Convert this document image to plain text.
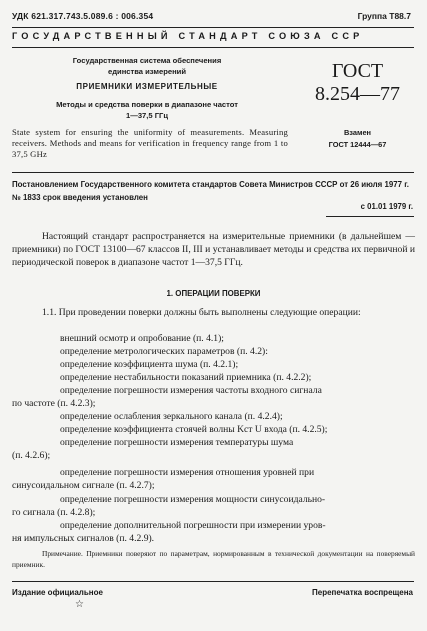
УДК 621.317.743.5.089.6 : 006.354	Группа Т88.7
ГОСУДАРСТВЕННЫЙ СТАНДАРТ СОЮЗА ССР
Государственная система обеспечения
единства измерений
ПРИЕМНИКИ ИЗМЕРИТЕЛЬНЫЕ
Методы и средства поверки в диапазоне частот
1—37,5 ГГц
ГОСТ
8.254—77
State system for ensuring the uniformity of measurements. Measuring receivers. Methods and means for verification in frequency range from 1 to 37,5 GHz
Взамен
ГОСТ 12444—67
Постановлением Государственного комитета стандартов Совета Министров СССР от 26 июля 1977 г. № 1833 срок введения установлен
с 01.01 1979 г.
Настоящий стандарт распространяется на измерительные приемники (в дальнейшем — приемники) по ГОСТ 13100—67 классов II, III и устанавливает методы и средства их первичной и периодической поверок в диапазоне частот 1—37,5 ГГц.
1. ОПЕРАЦИИ ПОВЕРКИ
1.1. При проведении поверки должны быть выполнены следующие операции:
внешний осмотр и опробование (п. 4.1);
определение метрологических параметров (п. 4.2):
определение коэффициента шума (п. 4.2.1);
определение нестабильности показаний приемника (п. 4.2.2);
определение погрешности измерения частоты входного сигнала
по частоте (п. 4.2.3);
определение ослабления зеркального канала (п. 4.2.4);
определение коэффициента стоячей волны Kст U входа (п. 4.2.5);
определение погрешности измерения температуры шума
(п. 4.2.6);
определение погрешности измерения отношения уровней при
синусоидальном сигнале (п. 4.2.7);
определение погрешности измерения мощности синусоидально-
го сигнала (п. 4.2.8);
определение дополнительной погрешности при измерении уров-
ня импульсных сигналов (п. 4.2.9).
Примечание. Приемники поверяют по параметрам, нормированным в технической документации на поверяемый приемник.
Издание официальное	Перепечатка воспрещена
☆
